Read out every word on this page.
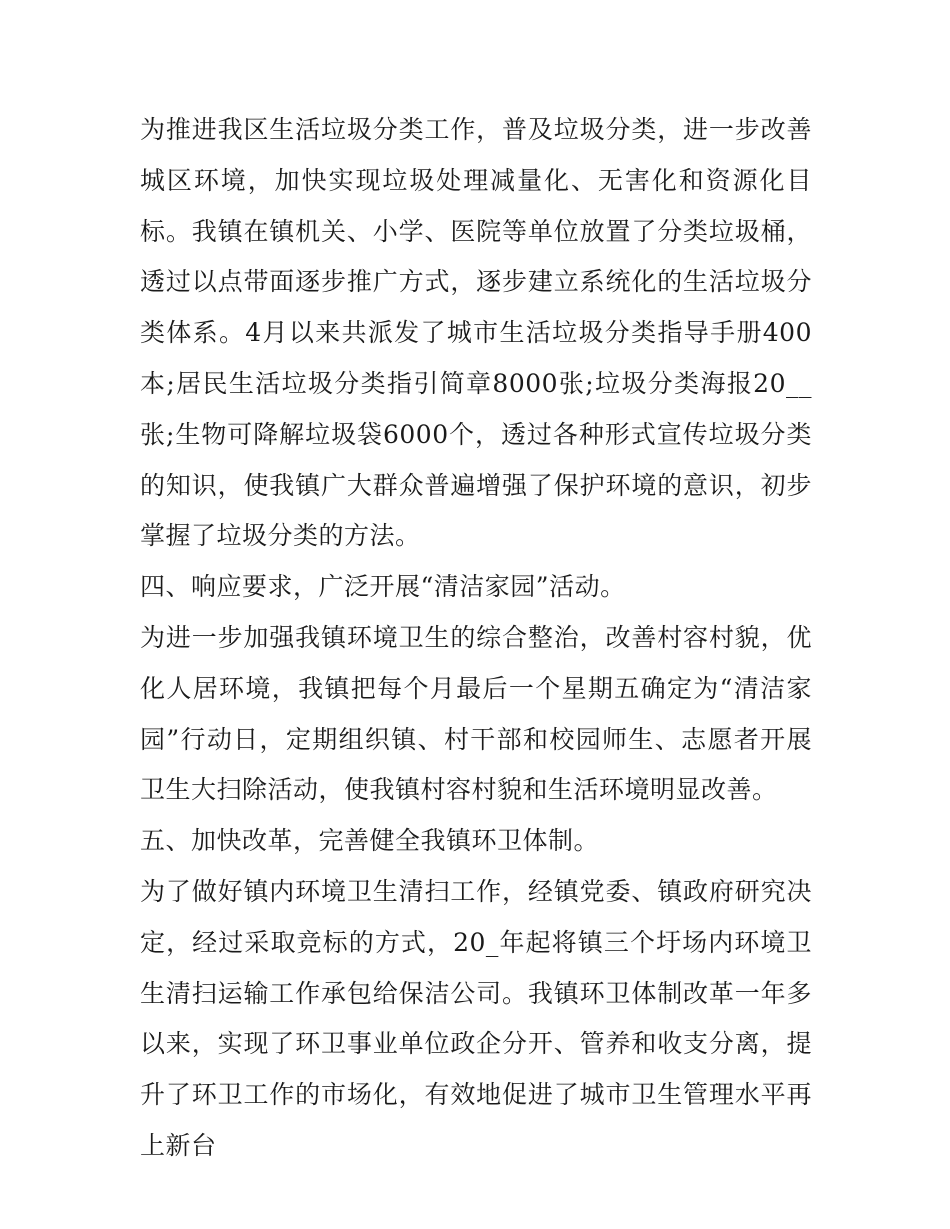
为推进我区生活垃圾分类工作，普及垃圾分类，进一步改善城区环境，加快实现垃圾处理减量化、无害化和资源化目标。我镇在镇机关、小学、医院等单位放置了分类垃圾桶，透过以点带面逐步推广方式，逐步建立系统化的生活垃圾分类体系。4月以来共派发了城市生活垃圾分类指导手册400本;居民生活垃圾分类指引简章8000张;垃圾分类海报20__张;生物可降解垃圾袋6000个，透过各种形式宣传垃圾分类的知识，使我镇广大群众普遍增强了保护环境的意识，初步掌握了垃圾分类的方法。

四、响应要求，广泛开展“清洁家园”活动。

为进一步加强我镇环境卫生的综合整治，改善村容村貌，优化人居环境，我镇把每个月最后一个星期五确定为“清洁家园”行动日，定期组织镇、村干部和校园师生、志愿者开展卫生大扫除活动，使我镇村容村貌和生活环境明显改善。

五、加快改革，完善健全我镇环卫体制。

为了做好镇内环境卫生清扫工作，经镇党委、镇政府研究决定，经过采取竞标的方式，20_年起将镇三个圩场内环境卫生清扫运输工作承包给保洁公司。我镇环卫体制改革一年多以来，实现了环卫事业单位政企分开、管养和收支分离，提升了环卫工作的市场化，有效地促进了城市卫生管理水平再上新台
